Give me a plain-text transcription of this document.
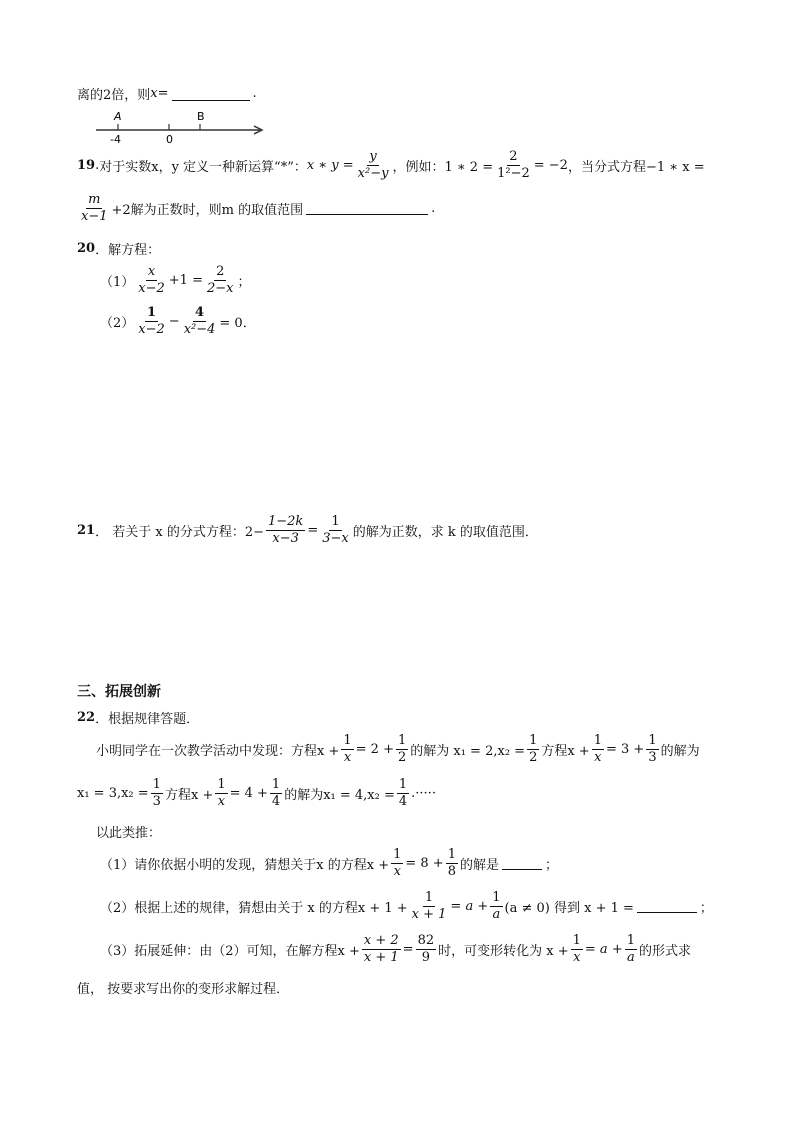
离的2倍，则 x =	.
A	B
-4	0
19 . 对于实数x，y 定义一种新运算“*”： x ∗ $y = \frac{y}{\text{x²−y}}$ ，例如：1 ∗ $2 = \frac{2}{\text{1²−2}} = -2$ ，当分式方程−1 ∗ x =
$\frac{m}{x-1} +2$解为正数时，则m 的取值范围	.
20 ．解方程：
$(1) \frac{x}{x-2} +1 = \frac{2}{2-x}$ ；
$(2) \frac{1}{x-2} - \frac{4}{\text{x²−4}} = 0$．
21 ． 若关于 x 的分式方程：$2- \frac{1-2k}{x-3} = \frac{1}{3-x}$ 的解为正数，求 k 的取值范围．
三、拓展创新
22 ．根据规律答题．
小明同学在一次教学活动中发现：方程$x + \frac{1}{x} = 2 + \frac{1}{2}$ 的解为 $x_1 = 2,x_2 = \frac{1}{2}$ 方程$x + \frac{1}{x} = 3 + \frac{1}{3}$ 的解为
$x_1 = 3,x_2 = \frac{1}{3}$ 方程$x + \frac{1}{x} = 4 + \frac{1}{4}$ 的解为$x_1 = 4,x_2 = \frac{1}{4}$ .·····
以此类推：
（1）请你依据小明的发现，猜想关于x 的方程$x + \frac{1}{x} = 8 + \frac{1}{8}$ 的解是	；
（2）根据上述的规律，猜想由关于 x 的方程$x + 1 + \frac{1}{x + 1} = a + \frac{1}{a} (a \ne 0)$ 得到 x + 1 =	；
（3）拓展延伸：由（2）可知，在解方程$x + \frac{x + 2}{x + 1} = \frac{82}{9}$ 时，可变形转化为 $x + \frac{1}{x} = a + \frac{1}{a}$ 的形式求
值， 按要求写出你的变形求解过程．
